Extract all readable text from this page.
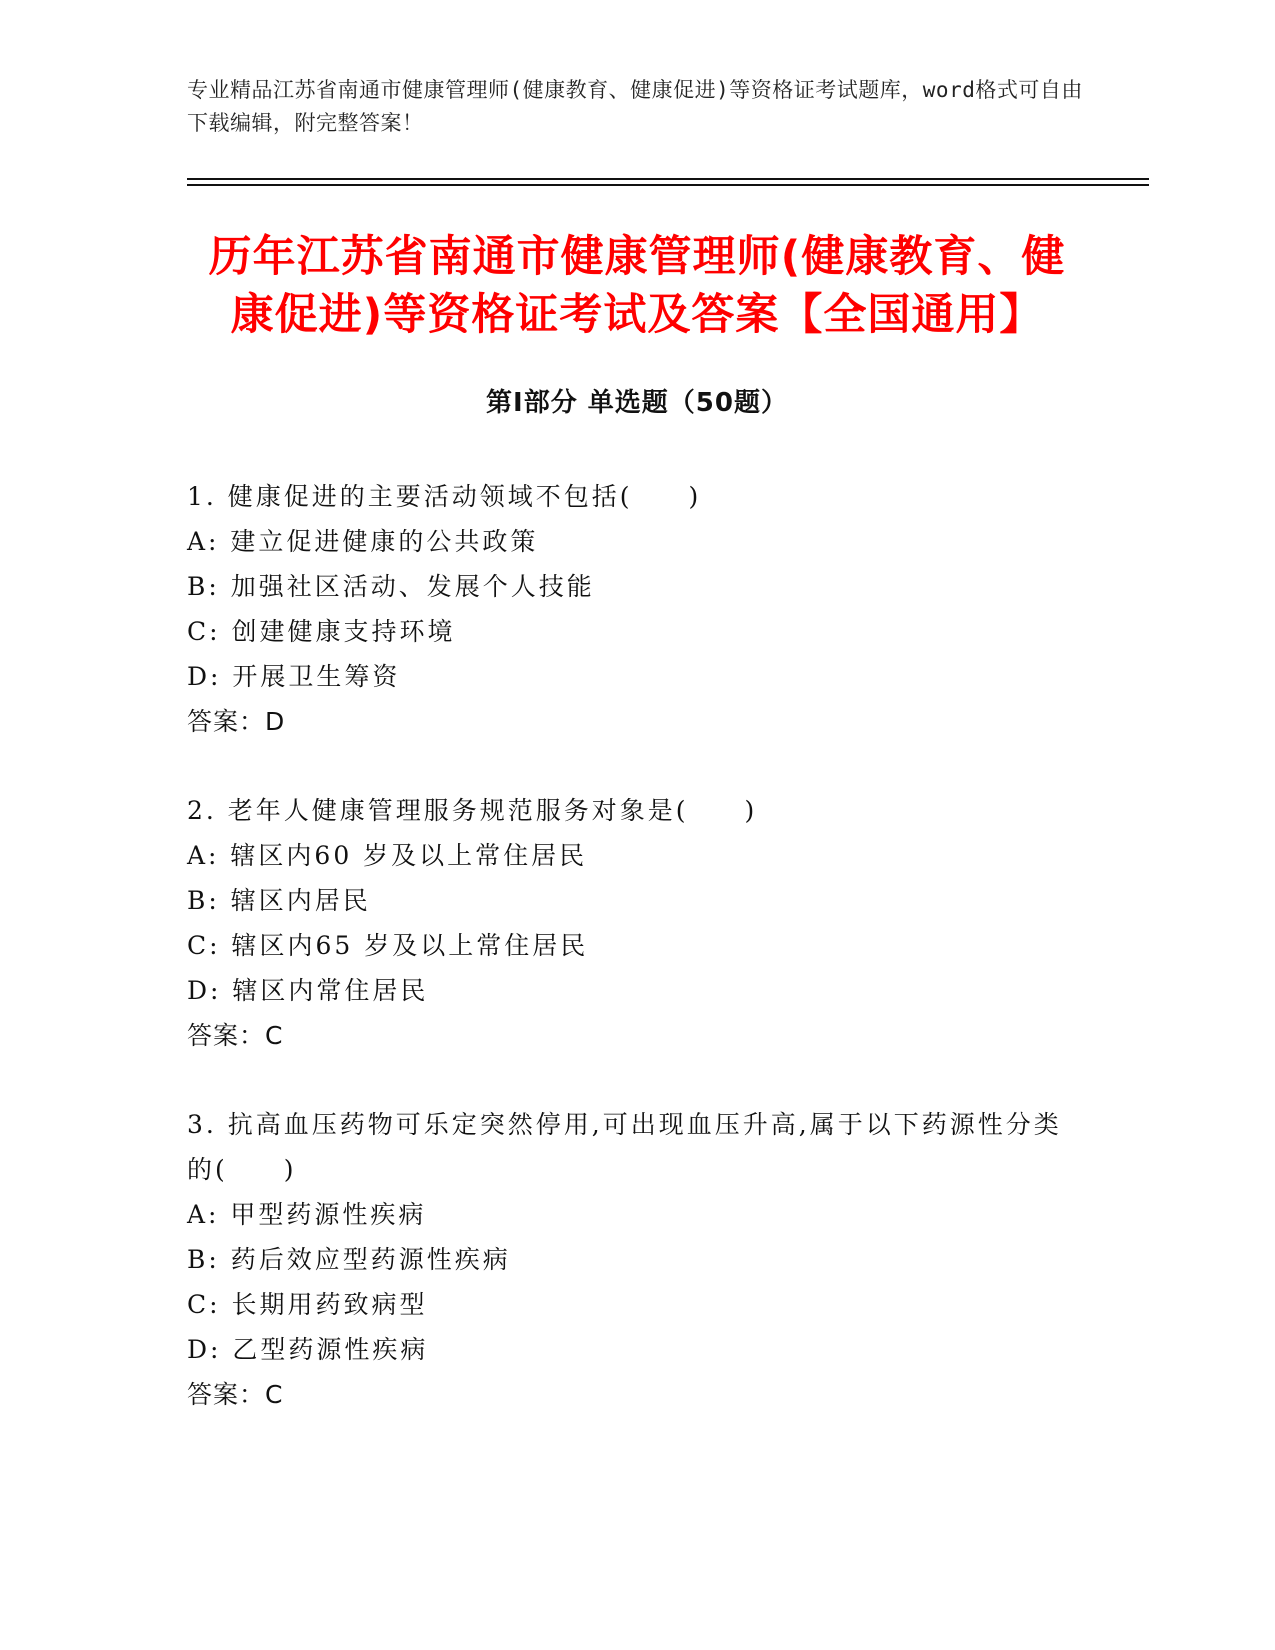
专业精品江苏省南通市健康管理师(健康教育、健康促进)等资格证考试题库，word格式可自由下载编辑，附完整答案！
历年江苏省南通市健康管理师(健康教育、健康促进)等资格证考试及答案【全国通用】
第Ⅰ部分 单选题（50题）

1. 健康促进的主要活动领域不包括(　　)

A: 建立促进健康的公共政策

B: 加强社区活动、发展个人技能

C: 创建健康支持环境

D: 开展卫生筹资

答案：D

2. 老年人健康管理服务规范服务对象是(　　)

A: 辖区内60 岁及以上常住居民

B: 辖区内居民

C: 辖区内65 岁及以上常住居民

D: 辖区内常住居民

答案：C

3. 抗高血压药物可乐定突然停用,可出现血压升高,属于以下药源性分类的(　　)

A: 甲型药源性疾病

B: 药后效应型药源性疾病

C: 长期用药致病型

D: 乙型药源性疾病

答案：C
